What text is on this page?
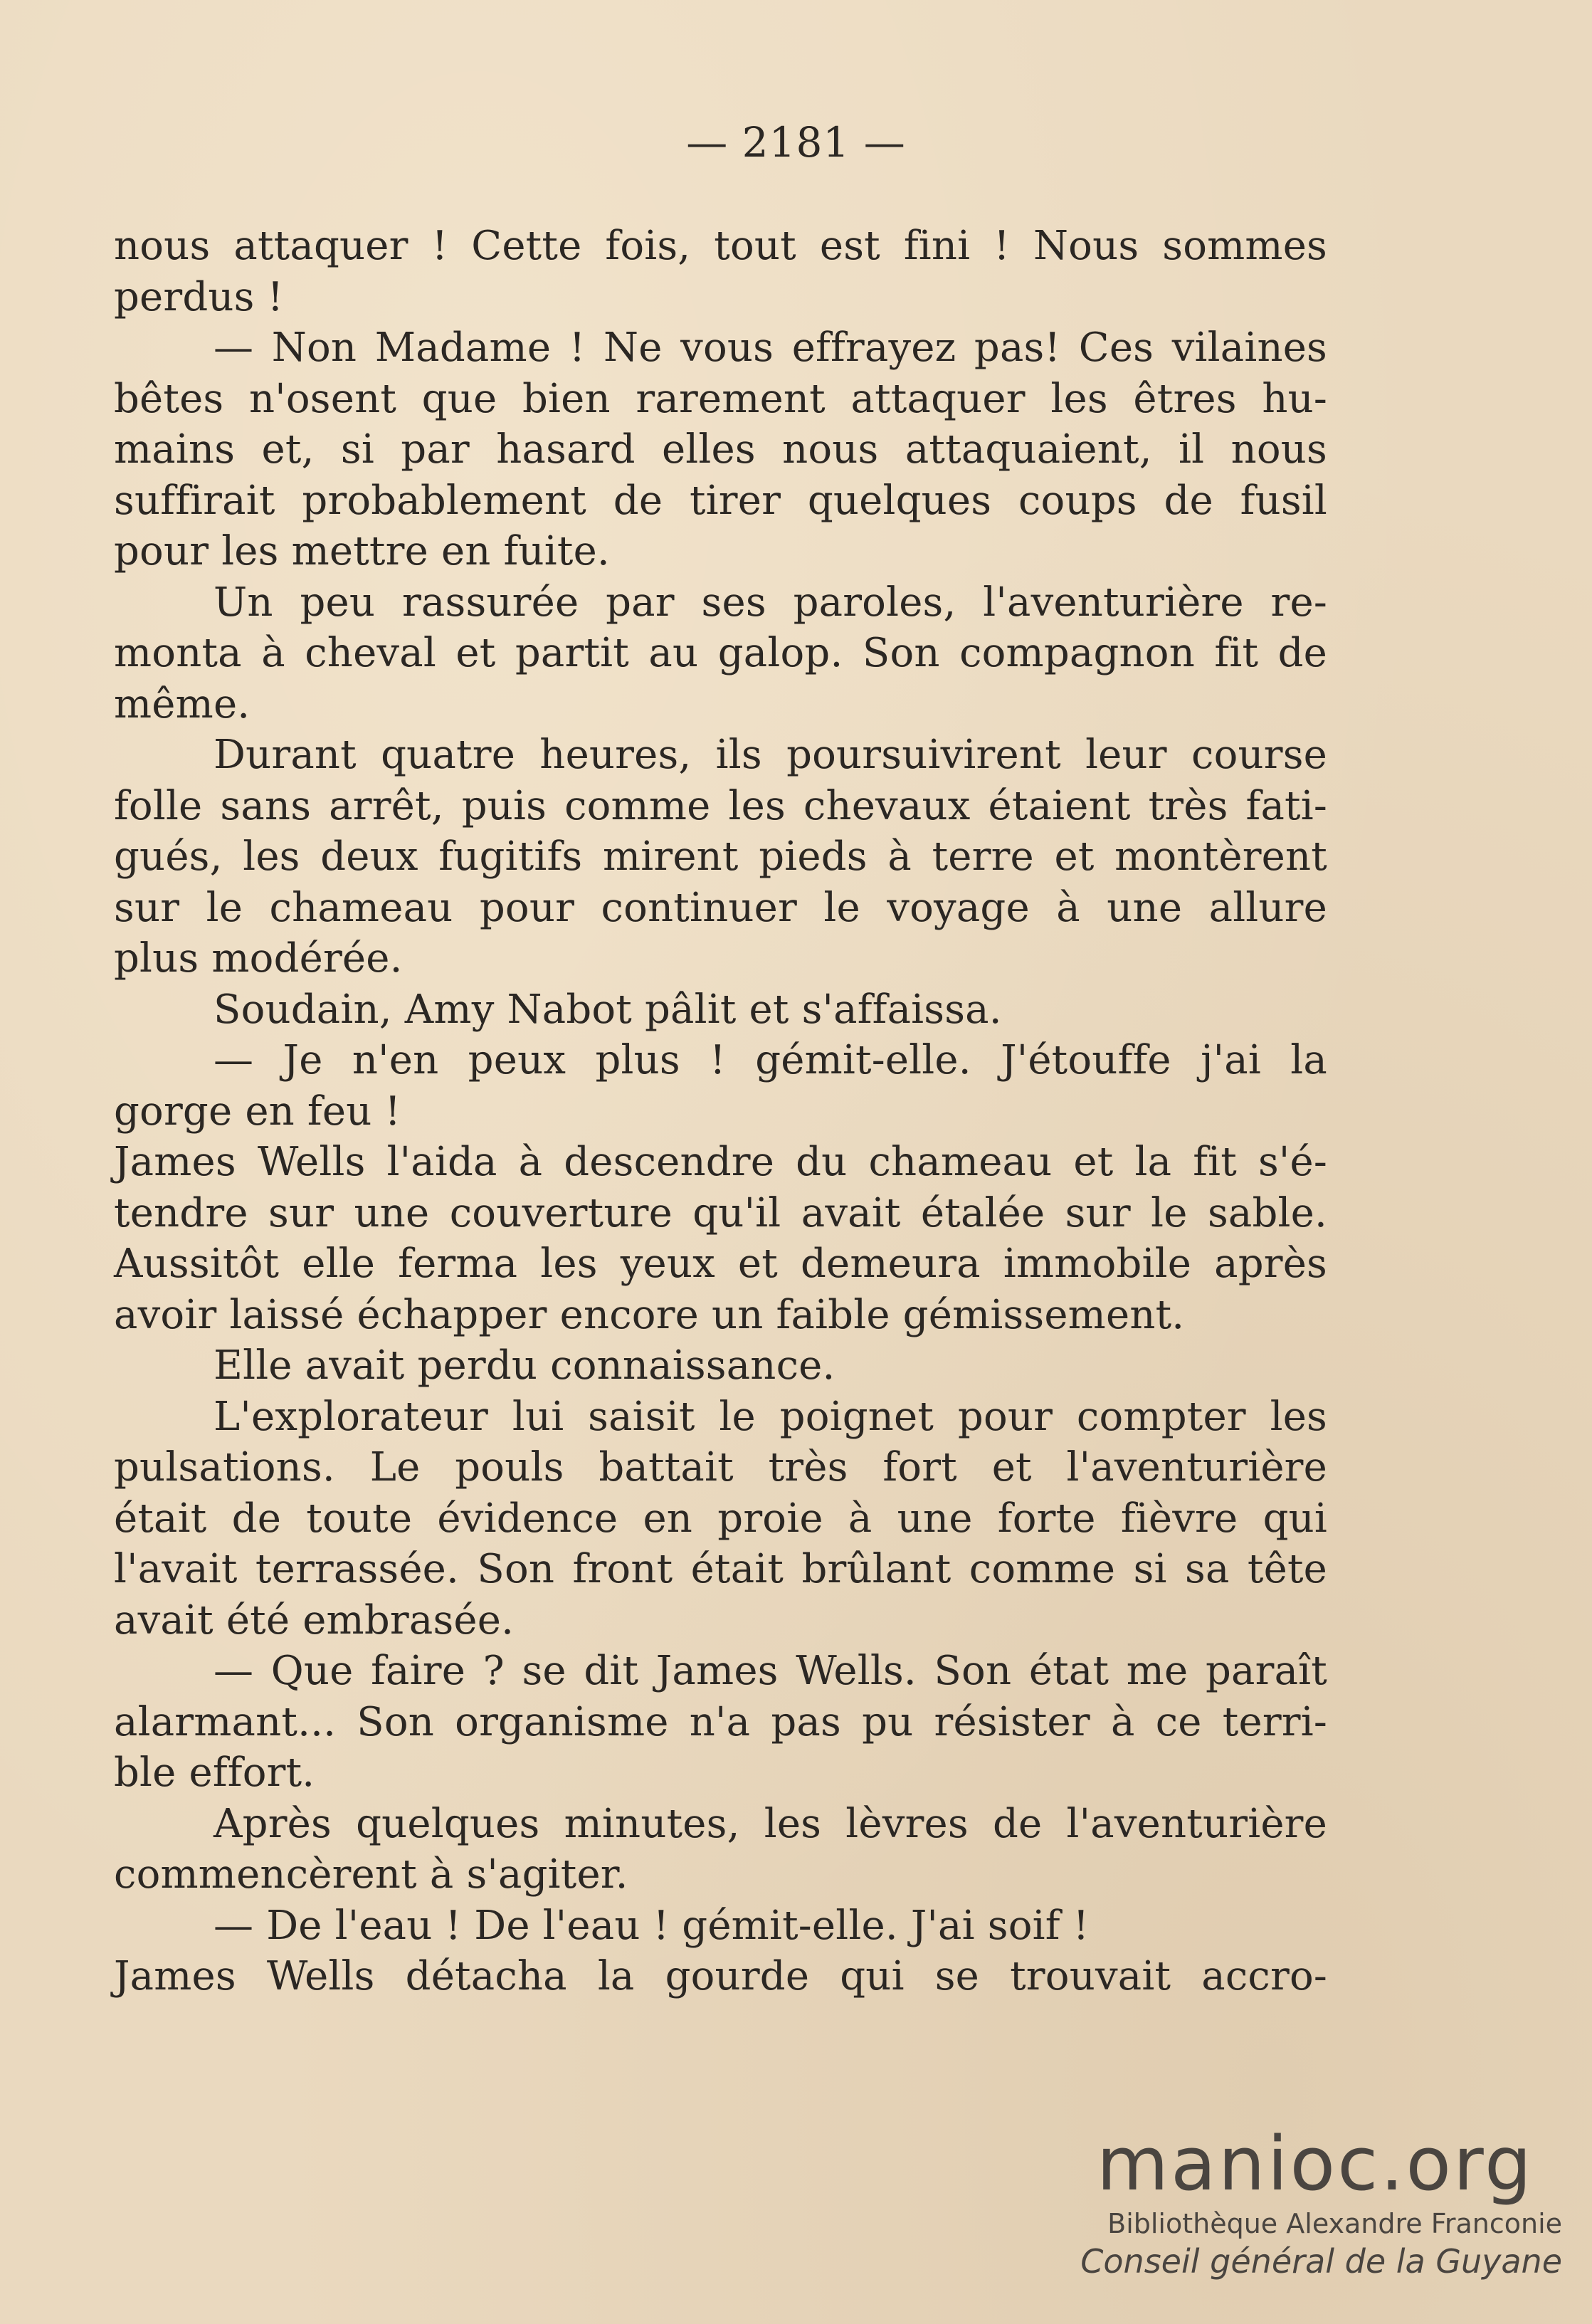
— 2181 —
nous attaquer ! Cette fois, tout est fini ! Nous sommes
perdus !
— Non Madame ! Ne vous effrayez pas! Ces vilaines
bêtes n'osent que bien rarement attaquer les êtres hu-
mains et, si par hasard elles nous attaquaient, il nous
suffirait probablement de tirer quelques coups de fusil
pour les mettre en fuite.
Un peu rassurée par ses paroles, l'aventurière re-
monta à cheval et partit au galop. Son compagnon fit de
même.
Durant quatre heures, ils poursuivirent leur course
folle sans arrêt, puis comme les chevaux étaient très fati-
gués, les deux fugitifs mirent pieds à terre et montèrent
sur le chameau pour continuer le voyage à une allure
plus modérée.
Soudain, Amy Nabot pâlit et s'affaissa.
— Je n'en peux plus ! gémit-elle. J'étouffe j'ai la
gorge en feu !
James Wells l'aida à descendre du chameau et la fit s'é-
tendre sur une couverture qu'il avait étalée sur le sable.
Aussitôt elle ferma les yeux et demeura immobile après
avoir laissé échapper encore un faible gémissement.
Elle avait perdu connaissance.
L'explorateur lui saisit le poignet pour compter les
pulsations. Le pouls battait très fort et l'aventurière
était de toute évidence en proie à une forte fièvre qui
l'avait terrassée. Son front était brûlant comme si sa tête
avait été embrasée.
— Que faire ? se dit James Wells. Son état me paraît
alarmant... Son organisme n'a pas pu résister à ce terri-
ble effort.
Après quelques minutes, les lèvres de l'aventurière
commencèrent à s'agiter.
— De l'eau ! De l'eau ! gémit-elle. J'ai soif !
James Wells détacha la gourde qui se trouvait accro-
manioc.org
Bibliothèque Alexandre Franconie
Conseil général de la Guyane
